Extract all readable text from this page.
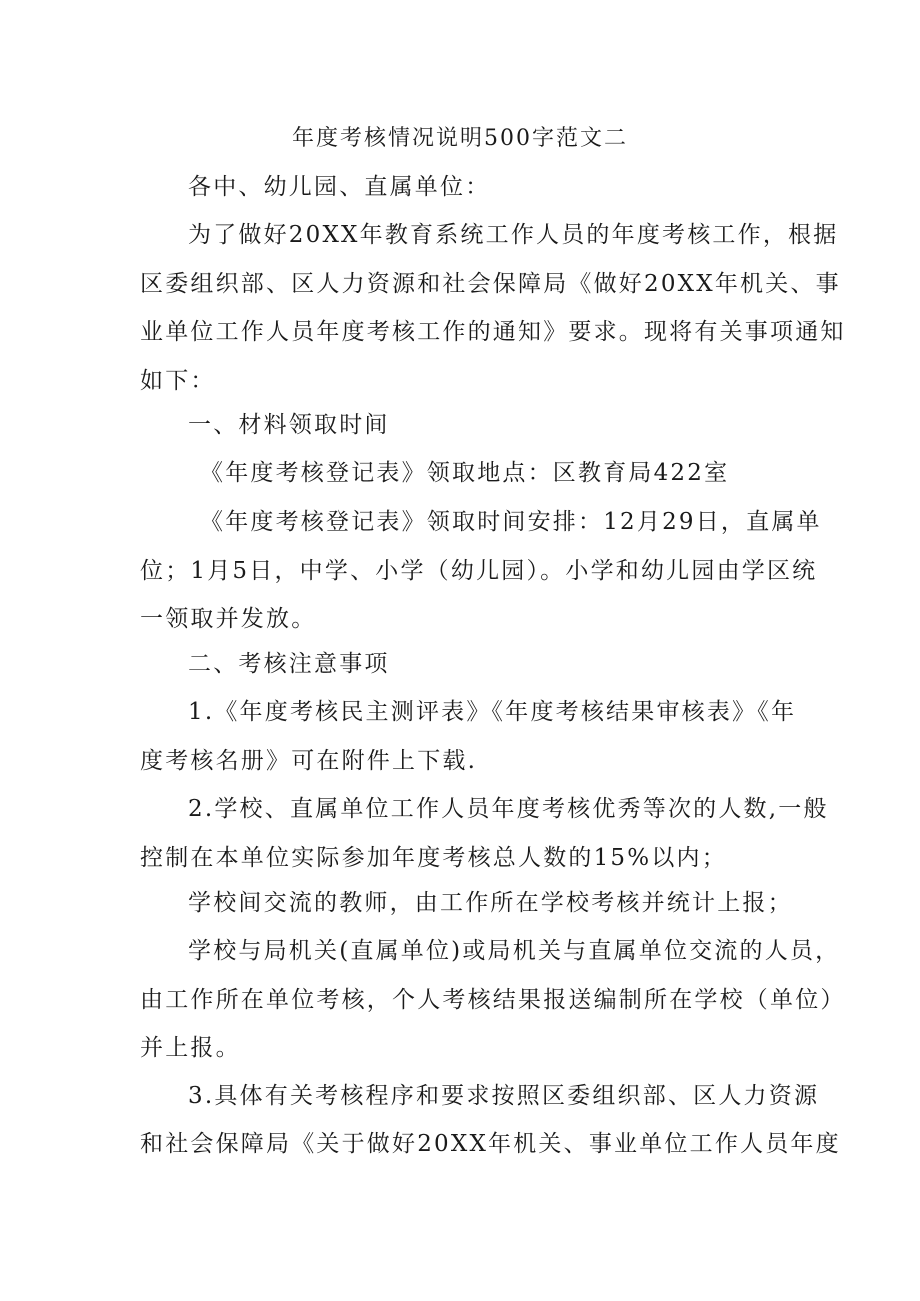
年度考核情况说明500字范文二
各中、幼儿园、直属单位：
为了做好20XX年教育系统工作人员的年度考核工作，根据
区委组织部、区人力资源和社会保障局《做好20XX年机关、事
业单位工作人员年度考核工作的通知》要求。现将有关事项通知
如下：
一、材料领取时间
《年度考核登记表》领取地点：区教育局422室
《年度考核登记表》领取时间安排：12月29日，直属单
位；1月5日，中学、小学（幼儿园）。小学和幼儿园由学区统
一领取并发放。
二、考核注意事项
1.《年度考核民主测评表》《年度考核结果审核表》《年
度考核名册》可在附件上下载.
2.学校、直属单位工作人员年度考核优秀等次的人数,一般
控制在本单位实际参加年度考核总人数的15%以内；
学校间交流的教师，由工作所在学校考核并统计上报；
学校与局机关(直属单位)或局机关与直属单位交流的人员，
由工作所在单位考核，个人考核结果报送编制所在学校（单位）
并上报。
3.具体有关考核程序和要求按照区委组织部、区人力资源
和社会保障局《关于做好20XX年机关、事业单位工作人员年度
